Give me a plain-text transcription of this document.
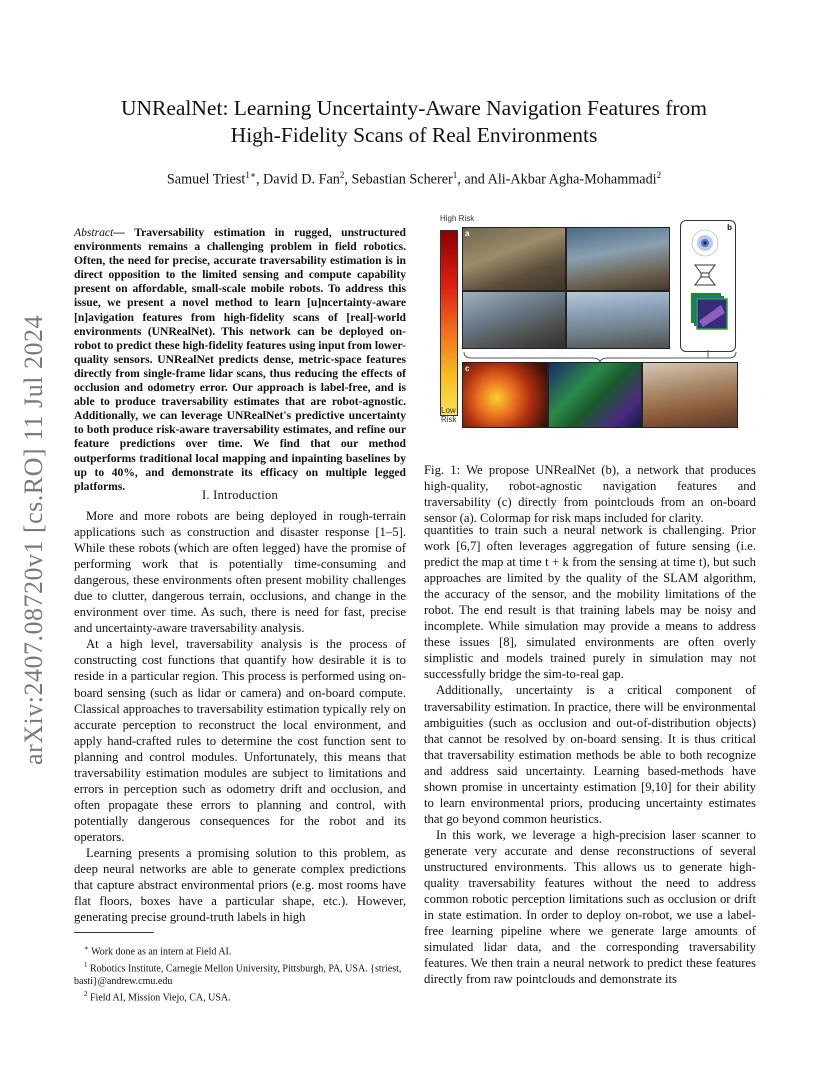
arXiv:2407.08720v1 [cs.RO] 11 Jul 2024
UNRealNet: Learning Uncertainty-Aware Navigation Features from
High-Fidelity Scans of Real Environments
Samuel Triest$^{1∗}$, David D. Fan$^2$, Sebastian Scherer$^1$, and Ali-Akbar Agha-Mohammadi$^2$
Abstract— Traversability estimation in rugged, unstructured environments remains a challenging problem in field robotics. Often, the need for precise, accurate traversability estimation is in direct opposition to the limited sensing and compute capability present on affordable, small-scale mobile robots. To address this issue, we present a novel method to learn [u]ncertainty-aware [n]avigation features from high-fidelity scans of [real]-world environments (UNRealNet). This network can be deployed on-robot to predict these high-fidelity features using input from lower-quality sensors. UNRealNet predicts dense, metric-space features directly from single-frame lidar scans, thus reducing the effects of occlusion and odometry error. Our approach is label-free, and is able to produce traversability estimates that are robot-agnostic. Additionally, we can leverage UNRealNet's predictive uncertainty to both produce risk-aware traversability estimates, and refine our feature predictions over time. We find that our method outperforms traditional local mapping and inpainting baselines by up to 40%, and demonstrate its efficacy on multiple legged platforms.
I. Introduction

More and more robots are being deployed in rough-terrain applications such as construction and disaster response [1–5]. While these robots (which are often legged) have the promise of performing work that is potentially time-consuming and dangerous, these environments often present mobility challenges due to clutter, dangerous terrain, occlusions, and change in the environment over time. As such, there is need for fast, precise and uncertainty-aware traversability analysis.

At a high level, traversability analysis is the process of constructing cost functions that quantify how desirable it is to reside in a particular region. This process is performed using on-board sensing (such as lidar or camera) and on-board compute. Classical approaches to traversability estimation typically rely on accurate perception to reconstruct the local environment, and apply hand-crafted rules to determine the cost function sent to planning and control modules. Unfortunately, this means that traversability estimation modules are subject to limitations and errors in perception such as odometry drift and occlusion, and often propagate these errors to planning and control, with potentially dangerous consequences for the robot and its operators.

Learning presents a promising solution to this problem, as deep neural networks are able to generate complex predictions that capture abstract environmental priors (e.g. most rooms have flat floors, boxes have a particular shape, etc.). However, generating precise ground-truth labels in high

∗ Work done as an intern at Field AI.
$^1$ Robotics Institute, Carnegie Mellon University, Pittsburgh, PA, USA. {striest, basti}@andrew.cmu.edu
$^2$ Field AI, Mission Viejo, CA, USA.
High Risk
Low
Risk
a
b
c
Fig. 1: We propose UNRealNet (b), a network that produces high-quality, robot-agnostic navigation features and traversability (c) directly from pointclouds from an on-board sensor (a). Colormap for risk maps included for clarity.

quantities to train such a neural network is challenging. Prior work [6,7] often leverages aggregation of future sensing (i.e. predict the map at time t + k from the sensing at time t), but such approaches are limited by the quality of the SLAM algorithm, the accuracy of the sensor, and the mobility limitations of the robot. The end result is that training labels may be noisy and incomplete. While simulation may provide a means to address these issues [8], simulated environments are often overly simplistic and models trained purely in simulation may not successfully bridge the sim-to-real gap.

Additionally, uncertainty is a critical component of traversability estimation. In practice, there will be environmental ambiguities (such as occlusion and out-of-distribution objects) that cannot be resolved by on-board sensing. It is thus critical that traversability estimation methods be able to both recognize and address said uncertainty. Learning based-methods have shown promise in uncertainty estimation [9,10] for their ability to learn environmental priors, producing uncertainty estimates that go beyond common heuristics.

In this work, we leverage a high-precision laser scanner to generate very accurate and dense reconstructions of several unstructured environments. This allows us to generate high-quality traversability features without the need to address common robotic perception limitations such as occlusion or drift in state estimation. In order to deploy on-robot, we use a label-free learning pipeline where we generate large amounts of simulated lidar data, and the corresponding traversability features. We then train a neural network to predict these features directly from raw pointclouds and demonstrate its
